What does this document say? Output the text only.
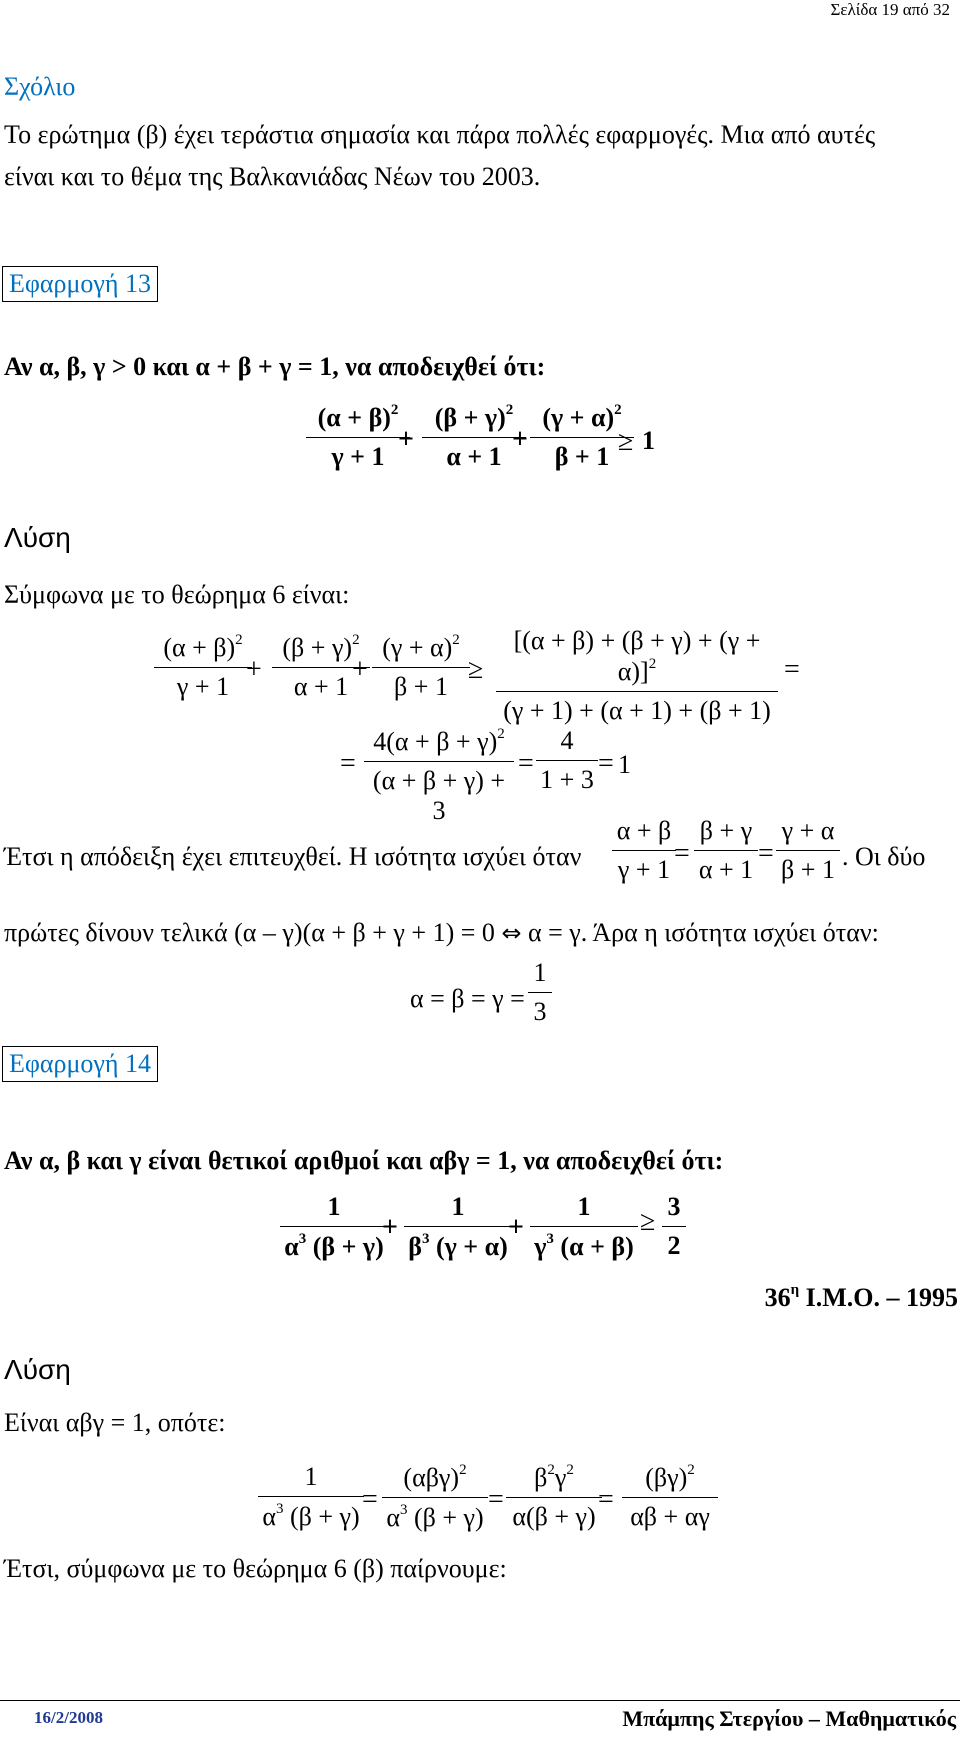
Σελίδα 19 από 32
Σχόλιο
Το ερώτημα (β) έχει τεράστια σημασία και πάρα πολλές εφαρμογές. Μια από αυτές
είναι και το θέμα της Βαλκανιάδας Νέων του 2003.
Εφαρμογή 13
Αν α, β, γ > 0 και α + β + γ = 1, να αποδειχθεί ότι:
$\frac{(\alpha + \beta)^2}{\gamma + 1}$
+ $\frac{(\beta + \gamma)^2}{\alpha + 1}$
+ $\frac{(\gamma + \alpha)^2}{\beta + 1}$
≥ 1
Λύση
Σύμφωνα με το θεώρημα 6 είναι:
$\frac{(\alpha + \beta)^2}{\gamma + 1}$
+ $\frac{(\beta + \gamma)^2}{\alpha + 1}$
+ $\frac{(\gamma + \alpha)^2}{\beta + 1}$
≥ $\frac{[(\alpha + \beta) + (\beta + \gamma) + (\gamma + \alpha)]^2}{(\gamma + 1) + (\alpha + 1) + (\beta + 1)}$ =
= $\frac{4(\alpha + \beta + \gamma)^2}{(\alpha + \beta + \gamma) + 3} = \frac{4}{1 + 3} = 1$
Έτσι η απόδειξη έχει επιτευχθεί. Η ισότητα ισχύει όταν $\frac{\alpha + \beta}{\gamma + 1}$
= $\frac{\beta + \gamma}{\alpha + 1} = \frac{\gamma + \alpha}{\beta + 1}$ . Οι δύο
πρώτες δίνουν τελικά (α – γ)(α + β + γ + 1) = 0 ⇔ α = γ. Άρα η ισότητα ισχύει όταν:
$\alpha = \beta = \gamma = \frac{1}{3}$
Εφαρμογή 14
Αν α, β και γ είναι θετικοί αριθμοί και αβγ = 1, να αποδειχθεί ότι:
$\frac{1}{\alpha^3 (\beta + \gamma)}$
+ $\frac{1}{\beta^3 (\gamma + \alpha)}$
+ $\frac{1}{\gamma^3 (\alpha + \beta)} \ge \frac{3}{2}$
$36^\eta$ I.M.O. – 1995
Λύση
Είναι αβγ = 1, οπότε:
$\frac{1}{\alpha^3 (\beta + \gamma)}$
=
$(\alpha\beta\gamma)^2$
$\alpha^3$ (β + γ)
= $\frac{\beta^2\gamma^2}{\alpha(\beta + \gamma)}$
= $\frac{(\beta\gamma)^2}{\alpha\beta + \alpha\gamma}$
Έτσι, σύμφωνα με το θεώρημα 6 (β) παίρνουμε:
16/2/2008	Μπάμπης Στεργίου – Μαθηματικός
